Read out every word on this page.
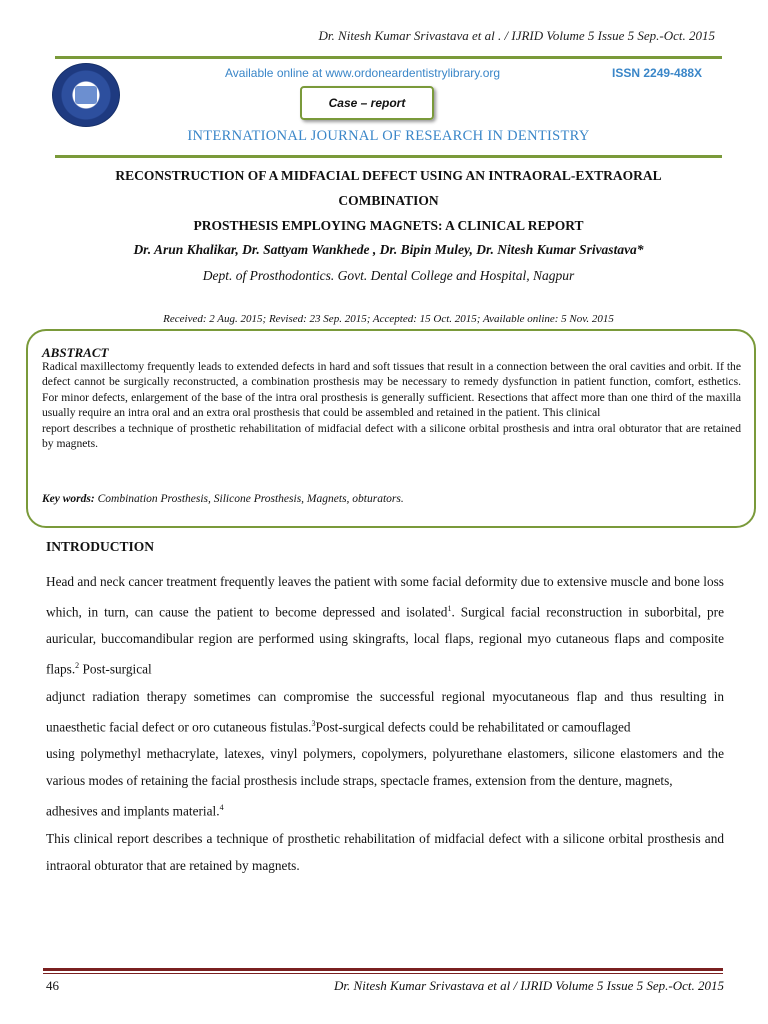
Dr. Nitesh Kumar Srivastava et al . / IJRID Volume 5 Issue 5 Sep.-Oct. 2015
Available online at www.ordoneardentistrylibrary.org	ISSN 2249-488X
Case – report
INTERNATIONAL JOURNAL OF RESEARCH IN DENTISTRY
RECONSTRUCTION OF A MIDFACIAL DEFECT USING AN INTRAORAL-EXTRAORAL
COMBINATION
PROSTHESIS EMPLOYING MAGNETS: A CLINICAL REPORT
Dr. Arun Khalikar, Dr. Sattyam Wankhede , Dr. Bipin Muley, Dr. Nitesh Kumar Srivastava*
Dept. of Prosthodontics. Govt. Dental College and Hospital, Nagpur
Received: 2 Aug. 2015; Revised: 23 Sep. 2015; Accepted: 15 Oct. 2015; Available online: 5 Nov. 2015
ABSTRACT

Radical maxillectomy frequently leads to extended defects in hard and soft tissues that result in a connection between the oral cavities and orbit. If the defect cannot be surgically reconstructed, a combination prosthesis may be necessary to remedy dysfunction in patient function, comfort, esthetics. For minor defects, enlargement of the base of the intra oral prosthesis is generally sufficient. Resections that affect more than one third of the maxilla usually require an intra oral and an extra oral prosthesis that could be assembled and retained in the patient. This clinical

report describes a technique of prosthetic rehabilitation of midfacial defect with a silicone orbital prosthesis and intra oral obturator that are retained by magnets.

Key words: Combination Prosthesis, Silicone Prosthesis, Magnets, obturators.
INTRODUCTION

Head and neck cancer treatment frequently leaves the patient with some facial deformity due to extensive muscle and bone loss which, in turn, can cause the patient to become depressed and isolated$^1$. Surgical facial reconstruction in suborbital, pre auricular, buccomandibular region are performed using skingrafts, local flaps, regional myo cutaneous flaps and composite flaps.$^2$ Post‑surgical

adjunct radiation therapy sometimes can compromise the successful regional myocutaneous flap and thus resulting in unaesthetic facial defect or oro cutaneous fistulas.$^3$Post‑surgical defects could be rehabilitated or camouflaged

using polymethyl methacrylate, latexes, vinyl polymers, copolymers, polyurethane elastomers, silicone elastomers and the various modes of retaining the facial prosthesis include straps, spectacle frames, extension from the denture, magnets,

adhesives and implants material.$^4$

This clinical report describes a technique of prosthetic rehabilitation of midfacial defect with a silicone orbital prosthesis and intraoral obturator that are retained by magnets.

46	Dr. Nitesh Kumar Srivastava et al / IJRID Volume 5 Issue 5 Sep.-Oct. 2015
